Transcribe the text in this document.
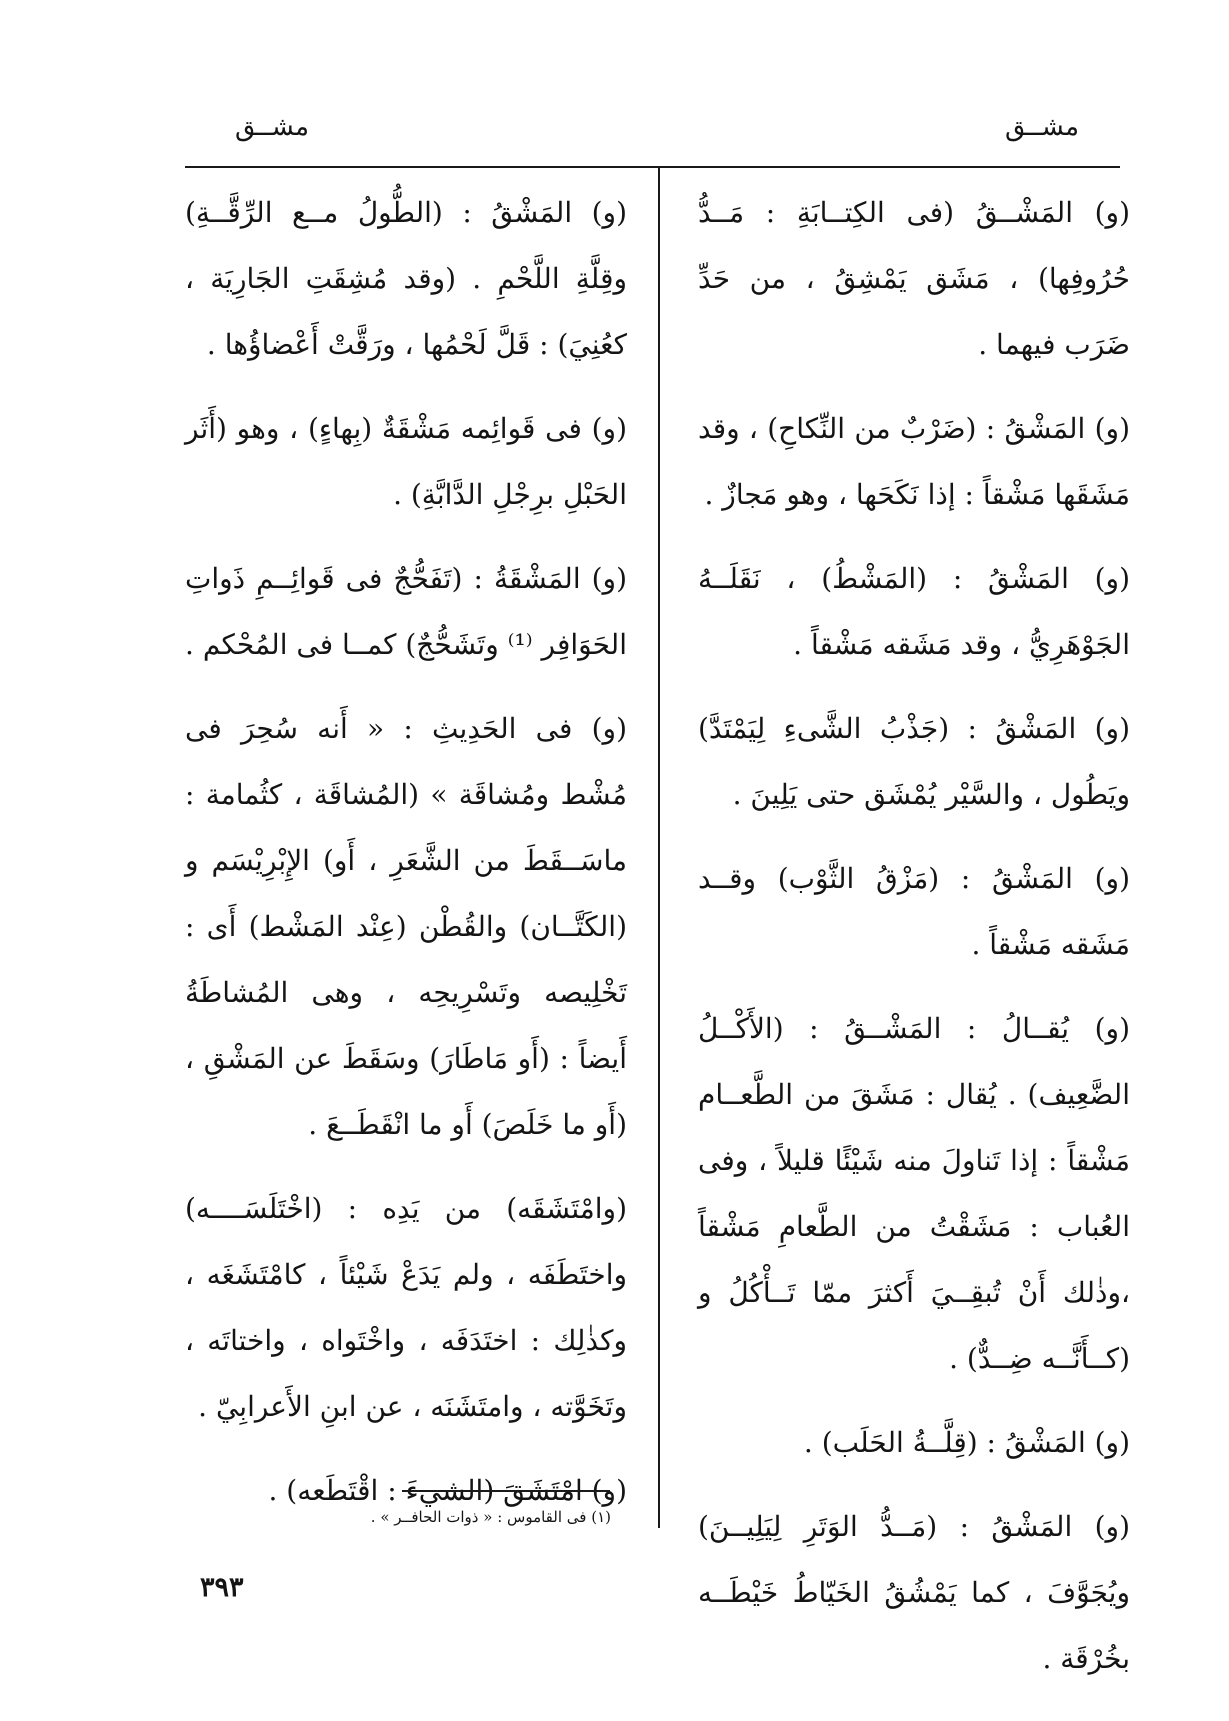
مشــق
مشــق

(و) المَشْــقُ (فى الكِتــابَةِ : مَــدُّ حُرُوفِها) ، مَشَق يَمْشِقُ ، من حَدِّ ضَرَب فيهما .

(و) المَشْقُ : (ضَرْبٌ من النِّكاحِ) ، وقد مَشَقَها مَشْقاً : إذا نَكَحَها ، وهو مَجازٌ .

(و) المَشْقُ : (المَشْطُ) ، نَقَلَــهُ الجَوْهَرِيُّ ، وقد مَشَقه مَشْقاً .

(و) المَشْقُ : (جَذْبُ الشَّىءِ لِيَمْتَدَّ) ويَطُول ، والسَّيْر يُمْشَق حتى يَلِينَ .

(و) المَشْقُ : (مَزْقُ الثَّوْب) وقــد مَشَقه مَشْقاً .

(و) يُقــالُ : المَشْــقُ : (الأَكْــلُ الضَّعِيف) . يُقال : مَشَقَ من الطَّعــام مَشْقاً : إذا تَناولَ منه شَيْئًا قليلاً ، وفى العُباب : مَشَقْتُ من الطَّعامِ مَشْقاً ،وذٰلك أَنْ تُبقِــيَ أَكثرَ ممّا تَــأْكُلُ و (كــأَنَّــه ضِــدٌّ) .

(و) المَشْقُ : (قِلَّــةُ الحَلَب) .

(و) المَشْقُ : (مَــدُّ الوَتَرِ لِيَلِيــنَ) ويُجَوَّفَ ، كما يَمْشُقُ الخَيّاطُ خَيْطَــه بخُرْقَة .

(و) المَشْقُ : (الطُّولُ مــع الرِّقَّــةِ) وقِلَّةِ اللَّحْمِ . (وقد مُشِقَتِ الجَارِيَة ، كعُنِيَ) : قَلَّ لَحْمُها ، ورَقَّتْ أَعْضاؤُها .

(و) فى قَوائِمه مَشْقَةٌ (بِهاءٍ) ، وهو (أَثَر الحَبْلِ برِجْلِ الدَّابَّةِ) .

(و) المَشْقَةُ : (تَفَحُّجٌ فى قَوائِــمِ ذَواتِ الحَوَافِر ⁽¹⁾ وتَشَحُّجٌ) كمــا فى المُحْكم .

(و) فى الحَدِيثِ : « أَنه سُحِرَ فى مُشْط ومُشاقَة » (المُشاقَة ، كثُمامة : ماسَــقَطَ من الشَّعَرِ ، أَو) الإِبْرِيْسَم و (الكَتَّــان) والقُطْن (عِنْد المَشْط) أَى : تَخْلِيصه وتَسْرِيحِه ، وهى المُشاطَةُ أَيضاً : (أَو مَاطَارَ) وسَقَطَ عن المَشْقِ ، (أَو ما خَلَصَ) أَو ما انْقَطَــعَ .

(وامْتَشَقَه) من يَدِه : (اخْتَلَسَــــه) واختَطَفَه ، ولم يَدَعْ شَيْئاً ، كامْتَشَغَه ، وكذٰلِك : اختَدَفَه ، واخْتَواه ، واختاتَه ، وتَخَوَّته ، وامتَشَنَه ، عن ابنِ الأَعرابِيّ .

(و) امْتَشَقَ (الشيءَ : اقْتَطَعه) .

(١) فى القاموس : « ذوات الحافــر » .
٣٩٣
